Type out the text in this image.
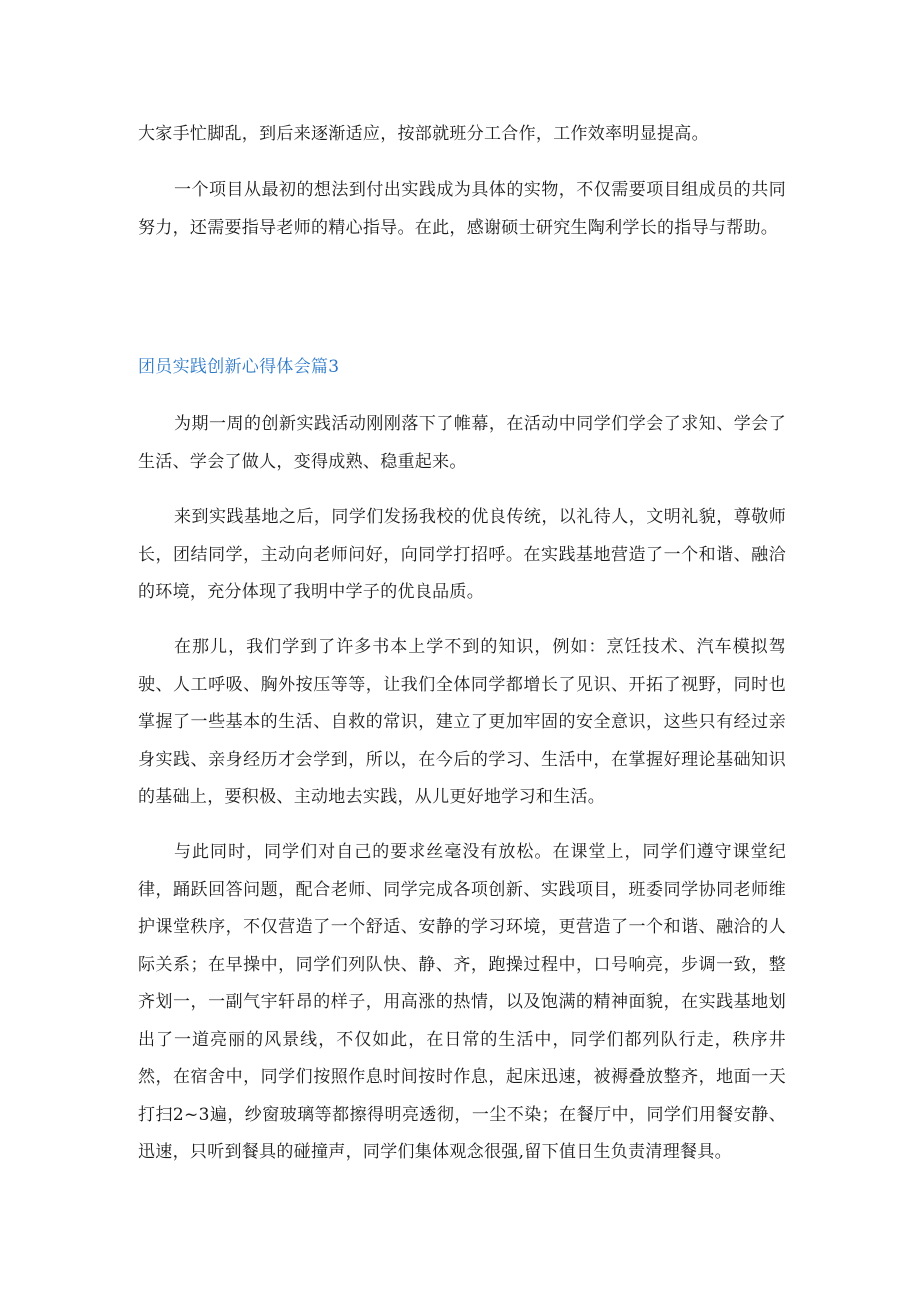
大家手忙脚乱，到后来逐渐适应，按部就班分工合作，工作效率明显提高。

一个项目从最初的想法到付出实践成为具体的实物，不仅需要项目组成员的共同努力，还需要指导老师的精心指导。在此，感谢硕士研究生陶利学长的指导与帮助。

团员实践创新心得体会篇3

为期一周的创新实践活动刚刚落下了帷幕，在活动中同学们学会了求知、学会了生活、学会了做人，变得成熟、稳重起来。

来到实践基地之后，同学们发扬我校的优良传统，以礼待人，文明礼貌，尊敬师长，团结同学，主动向老师问好，向同学打招呼。在实践基地营造了一个和谐、融洽的环境，充分体现了我明中学子的优良品质。

在那儿，我们学到了许多书本上学不到的知识，例如：烹饪技术、汽车模拟驾驶、人工呼吸、胸外按压等等，让我们全体同学都增长了见识、开拓了视野，同时也掌握了一些基本的生活、自救的常识，建立了更加牢固的安全意识，这些只有经过亲身实践、亲身经历才会学到，所以，在今后的学习、生活中，在掌握好理论基础知识的基础上，要积极、主动地去实践，从儿更好地学习和生活。

与此同时，同学们对自己的要求丝毫没有放松。在课堂上，同学们遵守课堂纪律，踊跃回答问题，配合老师、同学完成各项创新、实践项目，班委同学协同老师维护课堂秩序，不仅营造了一个舒适、安静的学习环境，更营造了一个和谐、融洽的人际关系；在早操中，同学们列队快、静、齐，跑操过程中，口号响亮，步调一致，整齐划一，一副气宇轩昂的样子，用高涨的热情，以及饱满的精神面貌，在实践基地划出了一道亮丽的风景线，不仅如此，在日常的生活中，同学们都列队行走，秩序井然，在宿舍中，同学们按照作息时间按时作息，起床迅速，被褥叠放整齐，地面一天打扫2~3遍，纱窗玻璃等都擦得明亮透彻，一尘不染；在餐厅中，同学们用餐安静、迅速，只听到餐具的碰撞声，同学们集体观念很强,留下值日生负责清理餐具。
